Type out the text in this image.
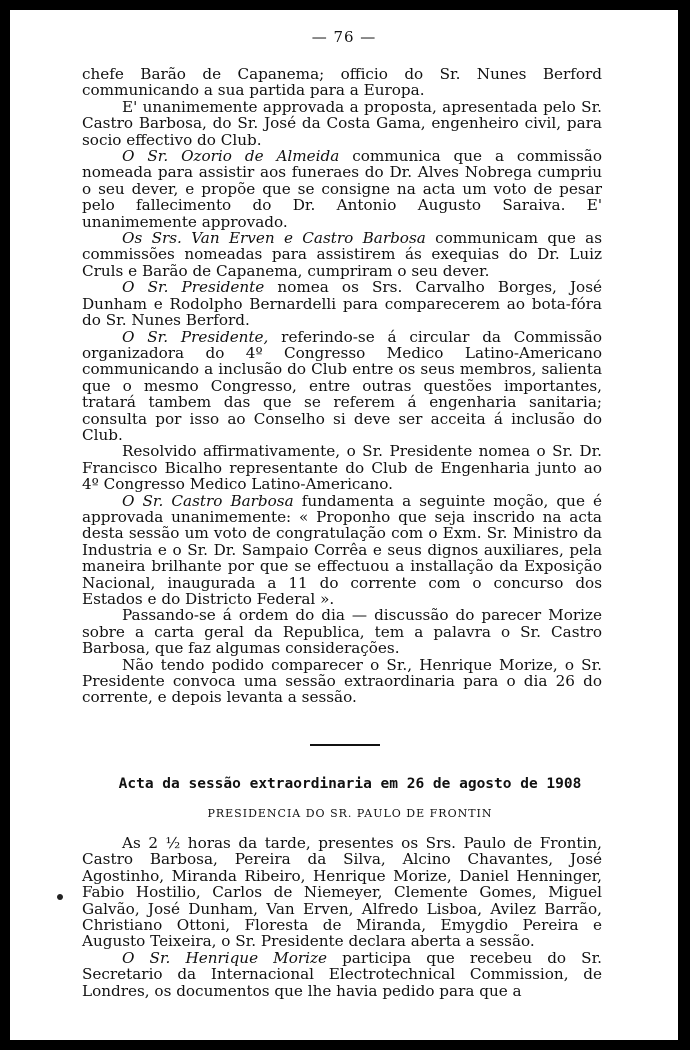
— 76 —

chefe Barão de Capanema; officio do Sr. Nunes Berford communicando a sua partida para a Europa.

E' unanimemente approvada a proposta, apresentada pelo Sr. Castro Barbosa, do Sr. José da Costa Gama, engenheiro civil, para socio effectivo do Club.

O Sr. Ozorio de Almeida communica que a commissão nomeada para assistir aos funeraes do Dr. Alves Nobrega cumpriu o seu dever, e propõe que se consigne na acta um voto de pesar pelo fallecimento do Dr. Antonio Augusto Saraiva. E' unanimemente approvado.

Os Srs. Van Erven e Castro Barbosa communicam que as commissões nomeadas para assistirem ás exequias do Dr. Luiz Cruls e Barão de Capanema, cumpriram o seu dever.

O Sr. Presidente nomea os Srs. Carvalho Borges, José Dunham e Rodolpho Bernardelli para comparecerem ao bota-fóra do Sr. Nunes Berford.

O Sr. Presidente, referindo-se á circular da Commissão organizadora do 4º Congresso Medico Latino-Americano communicando a inclusão do Club entre os seus membros, salienta que o mesmo Congresso, entre outras questões importantes, tratará tambem das que se referem á engenharia sanitaria; consulta por isso ao Conselho si deve ser acceita á inclusão do Club.

Resolvido affirmativamente, o Sr. Presidente nomea o Sr. Dr. Francisco Bicalho representante do Club de Engenharia junto ao 4º Congresso Medico Latino-Americano.

O Sr. Castro Barbosa fundamenta a seguinte moção, que é approvada unanimemente: « Proponho que seja inscrido na acta desta sessão um voto de congratulação com o Exm. Sr. Ministro da Industria e o Sr. Dr. Sampaio Corrêa e seus dignos auxiliares, pela maneira brilhante por que se effectuou a installação da Exposição Nacional, inaugurada a 11 do corrente com o concurso dos Estados e do Districto Federal ».

Passando-se á ordem do dia — discussão do parecer Morize sobre a carta geral da Republica, tem a palavra o Sr. Castro Barbosa, que faz algumas considerações.

Não tendo podido comparecer o Sr., Henrique Morize, o Sr. Presidente convoca uma sessão extraordinaria para o dia 26 do corrente, e depois levanta a sessão.

Acta da sessão extraordinaria em 26 de agosto de 1908
PRESIDENCIA DO SR. PAULO DE FRONTIN

As 2 ½ horas da tarde, presentes os Srs. Paulo de Frontin, Castro Barbosa, Pereira da Silva, Alcino Chavantes, José Agostinho, Miranda Ribeiro, Henrique Morize, Daniel Henninger, Fabio Hostilio, Carlos de Niemeyer, Clemente Gomes, Miguel Galvão, José Dunham, Van Erven, Alfredo Lisboa, Avilez Barrão, Christiano Ottoni, Floresta de Miranda, Emygdio Pereira e Augusto Teixeira, o Sr. Presidente declara aberta a sessão.

O Sr. Henrique Morize participa que recebeu do Sr. Secretario da Internacional Electrotechnical Commission, de Londres, os documentos que lhe havia pedido para que a
